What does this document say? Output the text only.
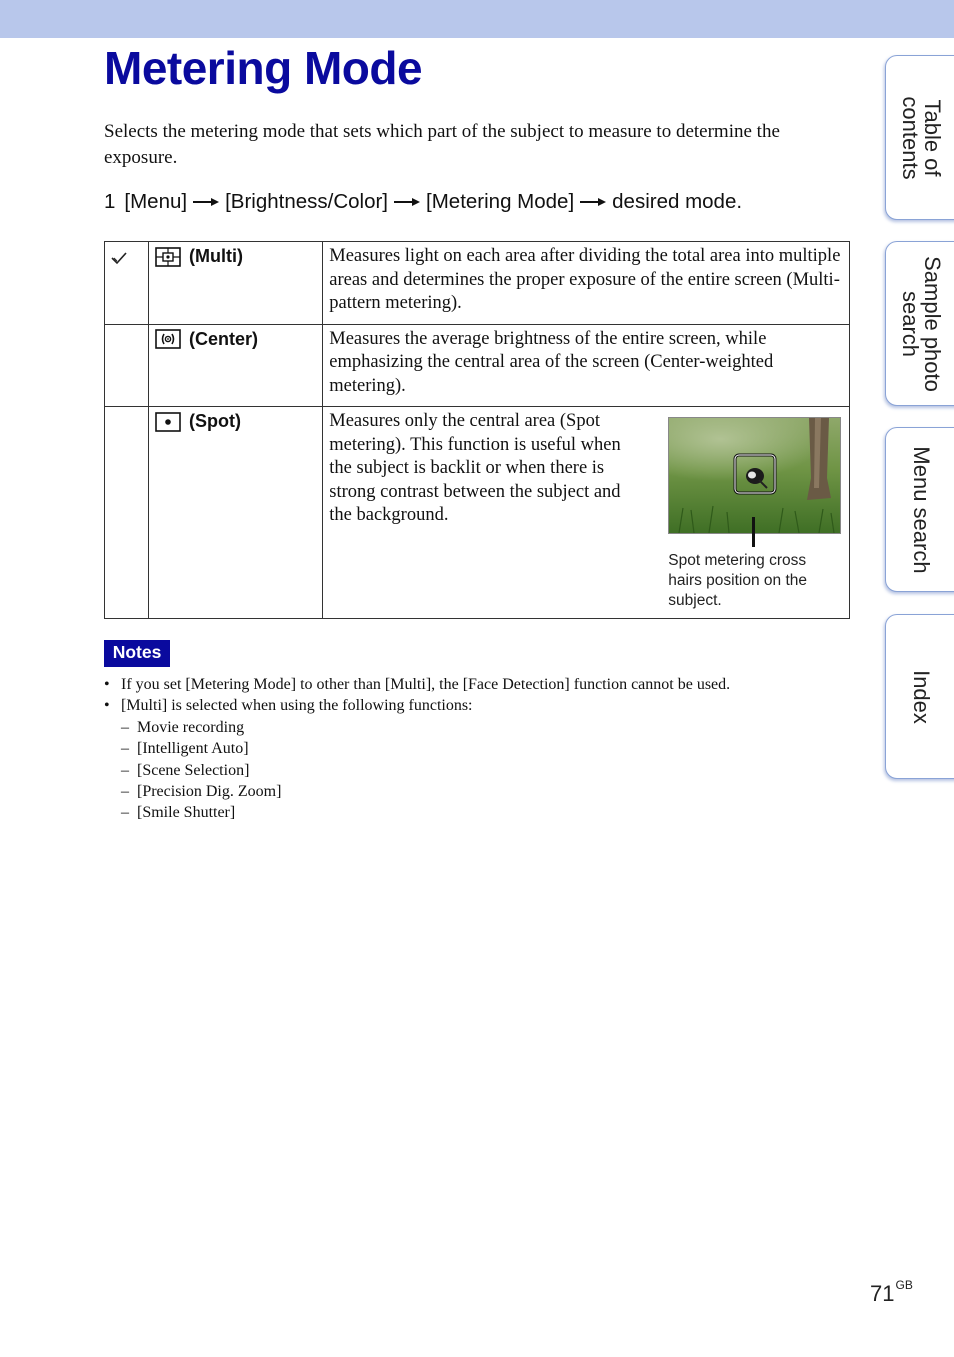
Metering Mode

Selects the metering mode that sets which part of the subject to measure to determine the exposure.

1 [Menu] [Brightness/Color] [Metering Mode] desired mode.

(Multi)	Measures light on each area after dividing the total area into multiple areas and determines the proper exposure of the entire screen (Multi-pattern metering).

	(Center)	Measures the average brightness of the entire screen, while emphasizing the central area of the screen (Center-weighted metering).

	(Spot)	Measures only the central area (Spot metering). This function is useful when the subject is backlit or when there is strong contrast between the subject and the background.
Spot metering cross hairs position on the subject.
Notes
• If you set [Metering Mode] to other than [Multi], the [Face Detection] function cannot be used.
• [Multi] is selected when using the following functions:
– Movie recording
– [Intelligent Auto]
– [Scene Selection]
– [Precision Dig. Zoom]
– [Smile Shutter]
Table of contents
Sample photo search
Menu search
Index
$71^{GB}$
